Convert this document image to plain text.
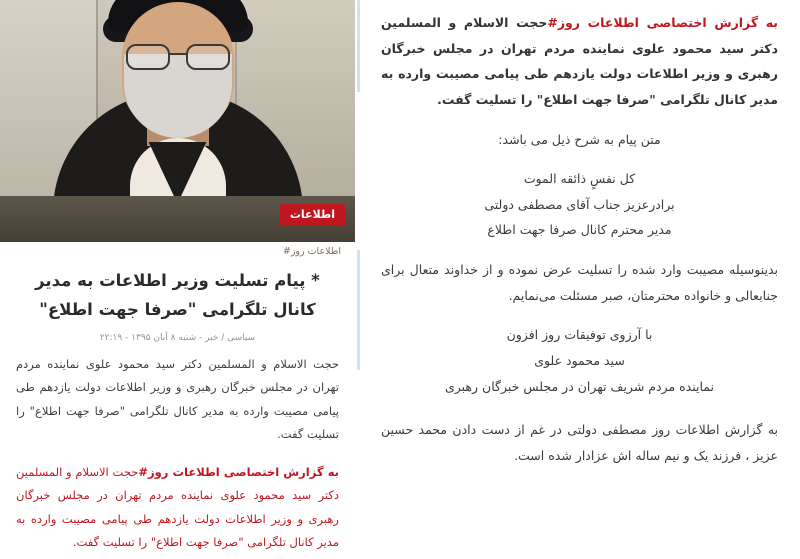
اطلاعات
اطلاعات روز#
* پيام تسليت وزير اطلاعات به مدير كانال تلگرامی "صرفا جهت اطلاع"
سياسی / خبر - شنبه ۸ آبان ۱۳۹۵ - ۲۲:۱۹
حجت الاسلام و المسلمين دكتر سيد محمود علوی نماينده مردم تهران در مجلس خبرگان رهبری و وزير اطلاعات دولت يازدهم طی پيامی مصيبت وارده به مدير كانال تلگرامی "صرفا جهت اطلاع" را تسليت گفت.
به گزارش اختصاصی اطلاعات روز#حجت الاسلام و المسلمين دكتر سيد محمود علوی نماينده مردم تهران در مجلس خبرگان رهبری و وزير اطلاعات دولت يازدهم طی پيامی مصيبت وارده به مدير كانال تلگرامی "صرفا جهت اطلاع" را تسليت گفت.

به گزارش اختصاصی اطلاعات روز#حجت الاسلام و المسلمين دكتر سيد محمود علوی نماينده مردم تهران در مجلس خبرگان رهبری و وزير اطلاعات دولت يازدهم طی پيامی مصيبت وارده به مدير كانال تلگرامی "صرفا جهت اطلاع" را تسليت گفت.

متن پيام به شرح ذيل می باشد:

كل نفسٍ ذائقه الموت

برادرعزيز جناب آقای مصطفی دولتی

مدير محترم كانال صرفا جهت اطلاع

بدينوسيله مصيبت وارد شده را تسليت عرض نموده و از خداوند متعال برای جنابعالی و خانواده محترمتان، صبر مسئلت می‌نمايم.

با آرزوی توفيقات روز افزون

سيد محمود علوی

نماينده مردم شريف تهران در مجلس خبرگان رهبری

به گزارش اطلاعات روز مصطفی دولتی در غم از دست دادن محمد حسين عزيز ، فرزند يک و نيم ساله اش عزادار شده است.
